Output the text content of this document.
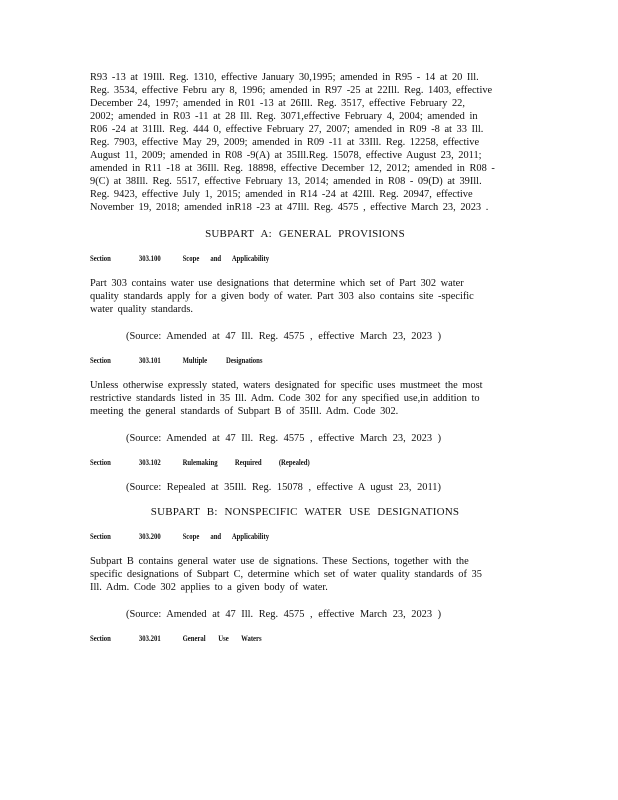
R93 -13 at 19Ill. Reg. 1310, effective January 30,1995; amended in R95 - 14 at 20 Ill.
Reg. 3534, effective Febru ary 8, 1996; amended in R97 -25 at 22Ill. Reg. 1403, effective
December 24, 1997; amended in R01 -13 at 26Ill. Reg. 3517, effective February 22,
2002; amended in R03 -11 at 28 Ill. Reg. 3071,effective February 4, 2004; amended in
R06 -24 at 31Ill. Reg. 444 0, effective February 27, 2007; amended in R09 -8 at 33 Ill.
Reg. 7903, effective May 29, 2009; amended in R09 -11 at 33Ill. Reg. 12258, effective
August 11, 2009; amended in R08 -9(A) at 35Ill.Reg. 15078, effective August 23, 2011;
amended in R11 -18 at 36Ill. Reg. 18898, effective December 12, 2012; amended in R08 -
9(C) at 38Ill. Reg. 5517, effective February 13, 2014; amended in R08 - 09(D) at 39Ill.
Reg. 9423, effective July 1, 2015; amended in R14 -24 at 42Ill. Reg. 20947, effective
November 19, 2018; amended inR18 -23 at 47Ill. Reg. 4575 , effective March 23, 2023 .

SUBPART A: GENERAL PROVISIONS

Section	303.100	Scope and Applicability

Part 303 contains water use designations that determine which set of Part 302 water
quality standards apply for a given body of water. Part 303 also contains site -specific
water quality standards.

(Source: Amended at 47 Ill. Reg. 4575 , effective March 23, 2023 )

Section	303.101	Multiple Designations

Unless otherwise expressly stated, waters designated for specific uses mustmeet the most
restrictive standards listed in 35 Ill. Adm. Code 302 for any specified use,in addition to
meeting the general standards of Subpart B of 35Ill. Adm. Code 302.

(Source: Amended at 47 Ill. Reg. 4575 , effective March 23, 2023 )

Section	303.102	Rulemaking Required (Repealed)

(Source: Repealed at 35Ill. Reg. 15078 , effective A ugust 23, 2011)

SUBPART B: NONSPECIFIC WATER USE DESIGNATIONS

Section	303.200	Scope and Applicability

Subpart B contains general water use de signations. These Sections, together with the
specific designations of Subpart C, determine which set of water quality standards of 35
Ill. Adm. Code 302 applies to a given body of water.

(Source: Amended at 47 Ill. Reg. 4575 , effective March 23, 2023 )

Section	303.201	General Use Waters
